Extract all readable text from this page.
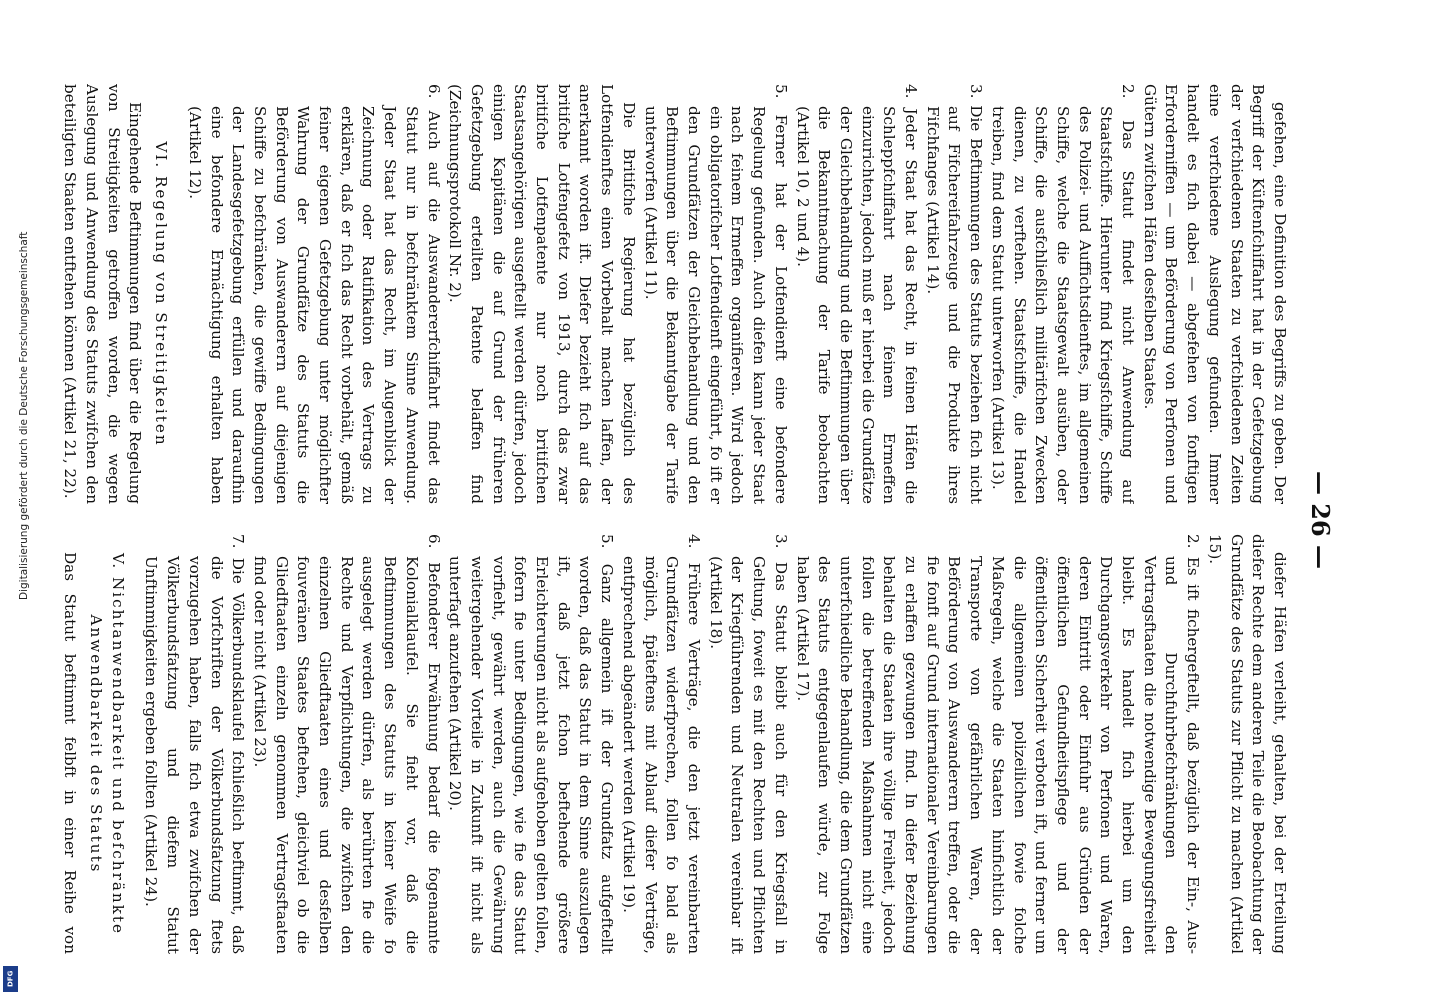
— 26 —

gefehen, eine Definition des Begriffs zu geben. Der Begriff der Küftenfchiffahrt hat in der Gefetzgebung der verfchiedenen Staaten zu verfchiedenen Zeiten eine verfchiedene Auslegung gefunden. Immer handelt es fich dabei — abgefehen von fonftigen Erforderniffen — um Beförderung von Perfonen und Gütern zwifchen Häfen desfelben Staates.

2. Das Statut findet nicht Anwendung auf Staatsfchiffe. Hierunter find Kriegsfchiffe, Schiffe des Polizei- und Auffichtsdienftes, im allgemeinen Schiffe, welche die Staatsgewalt ausüben, oder Schiffe, die ausfchließlich militärifchen Zwecken dienen, zu verftehen. Staatsfchiffe, die Handel treiben, find dem Statut unterworfen (Artikel 13).

3. Die Beftimmungen des Statuts beziehen fich nicht auf Fifchereifahrzeuge und die Produkte ihres Fifchfanges (Artikel 14).

4. Jeder Staat hat das Recht, in feinen Häfen die Schleppfchiffahrt nach feinem Ermeffen einzurichten, jedoch muß er hierbei die Grundfätze der Gleichbehandlung und die Beftimmungen über die Bekanntmachung der Tarife beobachten (Artikel 10, 2 und 4).

5. Ferner hat der Lotfendienft eine befondere Regelung gefunden. Auch diefen kann jeder Staat nach feinem Ermeffen organifieren. Wird jedoch ein obligatorifcher Lotfendienft eingeführt, fo ift er den Grundfätzen der Gleichbehandlung und den Beftimmungen über die Bekanntgabe der Tarife unterworfen (Artikel 11).

Die Britifche Regierung hat bezüglich des Lotfendienftes einen Vorbehalt machen laffen, der anerkannt worden ift. Diefer bezieht fich auf das britifche Lotfengefetz von 1913, durch das zwar britifche Lotfenpatente nur noch britifchen Staatsangehörigen ausgeftellt werden dürfen, jedoch einigen Kapitänen die auf Grund der früheren Gefetzgebung erteilten Patente belaffen find (Zeichnungsprotokoll Nr. 2).

6. Auch auf die Auswandererfchiffahrt findet das Statut nur in befchränktem Sinne Anwendung. Jeder Staat hat das Recht, im Augenblick der Zeichnung oder Ratifikation des Vertrags zu erklären, daß er fich das Recht vorbehält, gemäß feiner eigenen Gefetzgebung unter möglichfter Wahrung der Grundfätze des Statuts die Beförderung von Auswanderern auf diejenigen Schiffe zu befchränken, die gewiffe Bedingungen der Landesgefetzgebung erfüllen und daraufhin eine befondere Ermächtigung erhalten haben (Artikel 12).

VI. Regelung von Streitigkeiten

Eingehende Beftimmungen find über die Regelung von Streitigkeiten getroffen worden, die wegen Auslegung und Anwendung des Statuts zwifchen den beteiligten Staaten entftehen können (Artikel 21, 22).

diefer Häfen verleiht, gehalten, bei der Erteilung diefer Rechte dem anderen Teile die Beobachtung der Grundfätze des Statuts zur Pflicht zu machen (Artikel 15).

2. Es ift fichergeftellt, daß bezüglich der Ein-, Aus- und Durchfuhrbefchränkungen den Vertragsftaaten die notwendige Bewegungsfreiheit bleibt. Es handelt fich hierbei um den Durchgangsverkehr von Perfonen und Waren, deren Eintritt oder Einfuhr aus Gründen der öffentlichen Gefundheitspflege und der öffentlichen Sicherheit verboten ift, und ferner um die allgemeinen polizeilichen fowie folche Maßregeln, welche die Staaten hinfichtlich der Transporte von gefährlichen Waren, der Beförderung von Auswanderern treffen, oder die fie fonft auf Grund internationaler Vereinbarungen zu erlaffen gezwungen find. In diefer Beziehung behalten die Staaten ihre völlige Freiheit, jedoch follen die betreffenden Maßnahmen nicht eine unterfchiedliche Behandlung, die dem Grundfätzen des Statuts entgegenlaufen würde, zur Folge haben (Artikel 17).

3. Das Statut bleibt auch für den Kriegsfall in Geltung, foweit es mit den Rechten und Pflichten der Kriegführenden und Neutralen vereinbar ift (Artikel 18).

4. Frühere Verträge, die den jetzt vereinbarten Grundfätzen widerfprechen, follen fo bald als möglich, fpäteftens mit Ablauf diefer Verträge, entfprechend abgeändert werden (Artikel 19).

5. Ganz allgemein ift der Grundfatz aufgeftellt worden, daß das Statut in dem Sinne auszulegen ift, daß jetzt fchon beftehende größere Erleichterungen nicht als aufgehoben gelten follen, fofern fie unter Bedingungen, wie fie das Statut vorfieht, gewährt werden, auch die Gewährung weitergehender Vorteile in Zukunft ift nicht als unterfagt anzufehen (Artikel 20).

6. Befonderer Erwähnung bedarf die fogenannte Kolonialklaufel. Sie fieht vor, daß die Beftimmungen des Statuts in keiner Weife fo ausgelegt werden dürfen, als berührten fie die Rechte und Verpflichtungen, die zwifchen den einzelnen Gliedftaaten eines und desfelben fouveränen Staates beftehen, gleichviel ob die Gliedftaaten einzeln genommen Vertragsftaaten find oder nicht (Artikel 23).

7. Die Völkerbundsklaufel fchließlich beftimmt, daß die Vorfchriften der Völkerbundsfatzung ftets vorzugehen haben, falls fich etwa zwifchen der Völkerbundsfatzung und diefem Statut Unftimmigkeiten ergeben follten (Artikel 24).

V. Nichtanwendbarkeit und befchränkte Anwendbarkeit des Statuts

Das Statut beftimmt felbft in einer Reihe von

Digitalisierung gefördert durch die Deutsche Forschungsgemeinschaft
DFG
